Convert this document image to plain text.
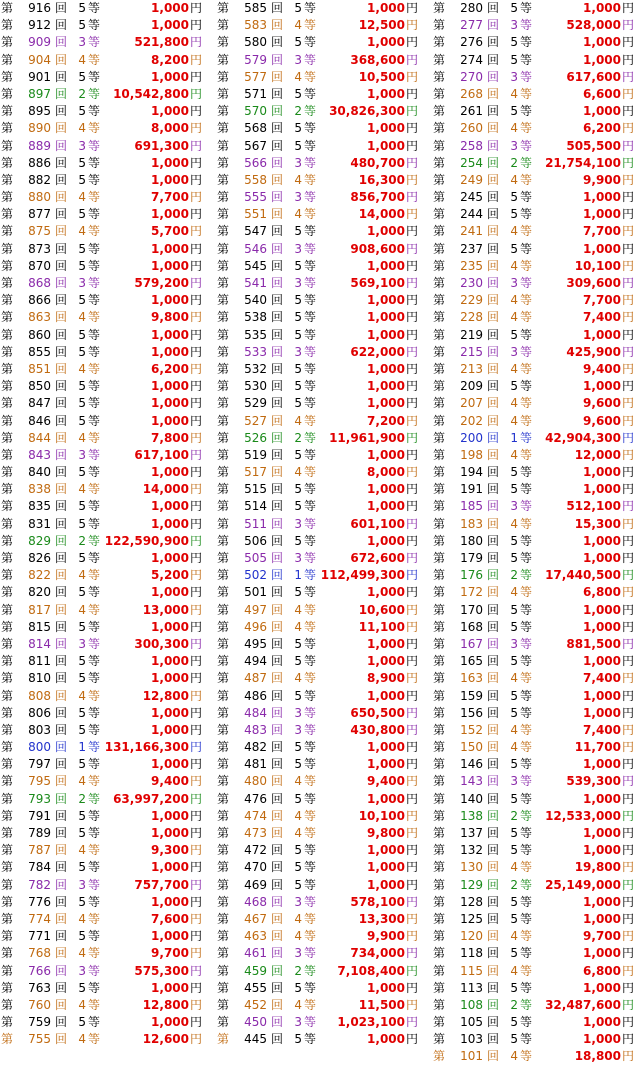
第	916 回 5 等	1,000 円
第	912 回 5 等	1,000 円
第	909 回 3 等	521,800 円
第	904 回 4 等	8,200 円
第	901 回 5 等	1,000 円
第	897 回 2 等	10,542,800 円
第	895 回 5 等	1,000 円
第	890 回 4 等	8,000 円
第	889 回 3 等	691,300 円
第	886 回 5 等	1,000 円
第	882 回 5 等	1,000 円
第	880 回 4 等	7,700 円
第	877 回 5 等	1,000 円
第	875 回 4 等	5,700 円
第	873 回 5 等	1,000 円
第	870 回 5 等	1,000 円
第	868 回 3 等	579,200 円
第	866 回 5 等	1,000 円
第	863 回 4 等	9,800 円
第	860 回 5 等	1,000 円
第	855 回 5 等	1,000 円
第	851 回 4 等	6,200 円
第	850 回 5 等	1,000 円
第	847 回 5 等	1,000 円
第	846 回 5 等	1,000 円
第	844 回 4 等	7,800 円
第	843 回 3 等	617,100 円
第	840 回 5 等	1,000 円
第	838 回 4 等	14,000 円
第	835 回 5 等	1,000 円
第	831 回 5 等	1,000 円
第	829 回 2 等 122,590,900 円
第	826 回 5 等	1,000 円
第	822 回 4 等	5,200 円
第	820 回 5 等	1,000 円
第	817 回 4 等	13,000 円
第	815 回 5 等	1,000 円
第	814 回 3 等	300,300 円
第	811 回 5 等	1,000 円
第	810 回 5 等	1,000 円
第	808 回 4 等	12,800 円
第	806 回 5 等	1,000 円
第	803 回 5 等	1,000 円
第	800 回 1 等 131,166,300 円
第	797 回 5 等	1,000 円
第	795 回 4 等	9,400 円
第	793 回 2 等	63,997,200 円
第	791 回 5 等	1,000 円
第	789 回 5 等	1,000 円
第	787 回 4 等	9,300 円
第	784 回 5 等	1,000 円
第	782 回 3 等	757,700 円
第	776 回 5 等	1,000 円
第	774 回 4 等	7,600 円
第	771 回 5 等	1,000 円
第	768 回 4 等	9,700 円
第	766 回 3 等	575,300 円
第	763 回 5 等	1,000 円
第	760 回 4 等	12,800 円
第	759 回 5 等	1,000 円
第	755 回 4 等	12,600 円
第	585 回 5 等	1,000 円
第	583 回 4 等	12,500 円
第	580 回 5 等	1,000 円
第	579 回 3 等	368,600 円
第	577 回 4 等	10,500 円
第	571 回 5 等	1,000 円
第	570 回 2 等	30,826,300 円
第	568 回 5 等	1,000 円
第	567 回 5 等	1,000 円
第	566 回 3 等	480,700 円
第	558 回 4 等	16,300 円
第	555 回 3 等	856,700 円
第	551 回 4 等	14,000 円
第	547 回 5 等	1,000 円
第	546 回 3 等	908,600 円
第	545 回 5 等	1,000 円
第	541 回 3 等	569,100 円
第	540 回 5 等	1,000 円
第	538 回 5 等	1,000 円
第	535 回 5 等	1,000 円
第	533 回 3 等	622,000 円
第	532 回 5 等	1,000 円
第	530 回 5 等	1,000 円
第	529 回 5 等	1,000 円
第	527 回 4 等	7,200 円
第	526 回 2 等	11,961,900 円
第	519 回 5 等	1,000 円
第	517 回 4 等	8,000 円
第	515 回 5 等	1,000 円
第	514 回 5 等	1,000 円
第	511 回 3 等	601,100 円
第	506 回 5 等	1,000 円
第	505 回 3 等	672,600 円
第	502 回 1 等 112,499,300 円
第	501 回 5 等	1,000 円
第	497 回 4 等	10,600 円
第	496 回 4 等	11,100 円
第	495 回 5 等	1,000 円
第	494 回 5 等	1,000 円
第	487 回 4 等	8,900 円
第	486 回 5 等	1,000 円
第	484 回 3 等	650,500 円
第	483 回 3 等	430,800 円
第	482 回 5 等	1,000 円
第	481 回 5 等	1,000 円
第	480 回 4 等	9,400 円
第	476 回 5 等	1,000 円
第	474 回 4 等	10,100 円
第	473 回 4 等	9,800 円
第	472 回 5 等	1,000 円
第	470 回 5 等	1,000 円
第	469 回 5 等	1,000 円
第	468 回 3 等	578,100 円
第	467 回 4 等	13,300 円
第	463 回 4 等	9,900 円
第	461 回 3 等	734,000 円
第	459 回 2 等	7,108,400 円
第	455 回 5 等	1,000 円
第	452 回 4 等	11,500 円
第	450 回 3 等	1,023,100 円
第	445 回 5 等	1,000 円
第	280 回 5 等	1,000 円
第	277 回 3 等	528,000 円
第	276 回 5 等	1,000 円
第	274 回 5 等	1,000 円
第	270 回 3 等	617,600 円
第	268 回 4 等	6,600 円
第	261 回 5 等	1,000 円
第	260 回 4 等	6,200 円
第	258 回 3 等	505,500 円
第	254 回 2 等	21,754,100 円
第	249 回 4 等	9,900 円
第	245 回 5 等	1,000 円
第	244 回 5 等	1,000 円
第	241 回 4 等	7,700 円
第	237 回 5 等	1,000 円
第	235 回 4 等	10,100 円
第	230 回 3 等	309,600 円
第	229 回 4 等	7,700 円
第	228 回 4 等	7,400 円
第	219 回 5 等	1,000 円
第	215 回 3 等	425,900 円
第	213 回 4 等	9,400 円
第	209 回 5 等	1,000 円
第	207 回 4 等	9,600 円
第	202 回 4 等	9,600 円
第	200 回 1 等	42,904,300 円
第	198 回 4 等	12,000 円
第	194 回 5 等	1,000 円
第	191 回 5 等	1,000 円
第	185 回 3 等	512,100 円
第	183 回 4 等	15,300 円
第	180 回 5 等	1,000 円
第	179 回 5 等	1,000 円
第	176 回 2 等	17,440,500 円
第	172 回 4 等	6,800 円
第	170 回 5 等	1,000 円
第	168 回 5 等	1,000 円
第	167 回 3 等	881,500 円
第	165 回 5 等	1,000 円
第	163 回 4 等	7,400 円
第	159 回 5 等	1,000 円
第	156 回 5 等	1,000 円
第	152 回 4 等	7,400 円
第	150 回 4 等	11,700 円
第	146 回 5 等	1,000 円
第	143 回 3 等	539,300 円
第	140 回 5 等	1,000 円
第	138 回 2 等	12,533,000 円
第	137 回 5 等	1,000 円
第	132 回 5 等	1,000 円
第	130 回 4 等	19,800 円
第	129 回 2 等	25,149,000 円
第	128 回 5 等	1,000 円
第	125 回 5 等	1,000 円
第	120 回 4 等	9,700 円
第	118 回 5 等	1,000 円
第	115 回 4 等	6,800 円
第	113 回 5 等	1,000 円
第	108 回 2 等	32,487,600 円
第	105 回 5 等	1,000 円
第	103 回 5 等	1,000 円
第	101 回 4 等	18,800 円
